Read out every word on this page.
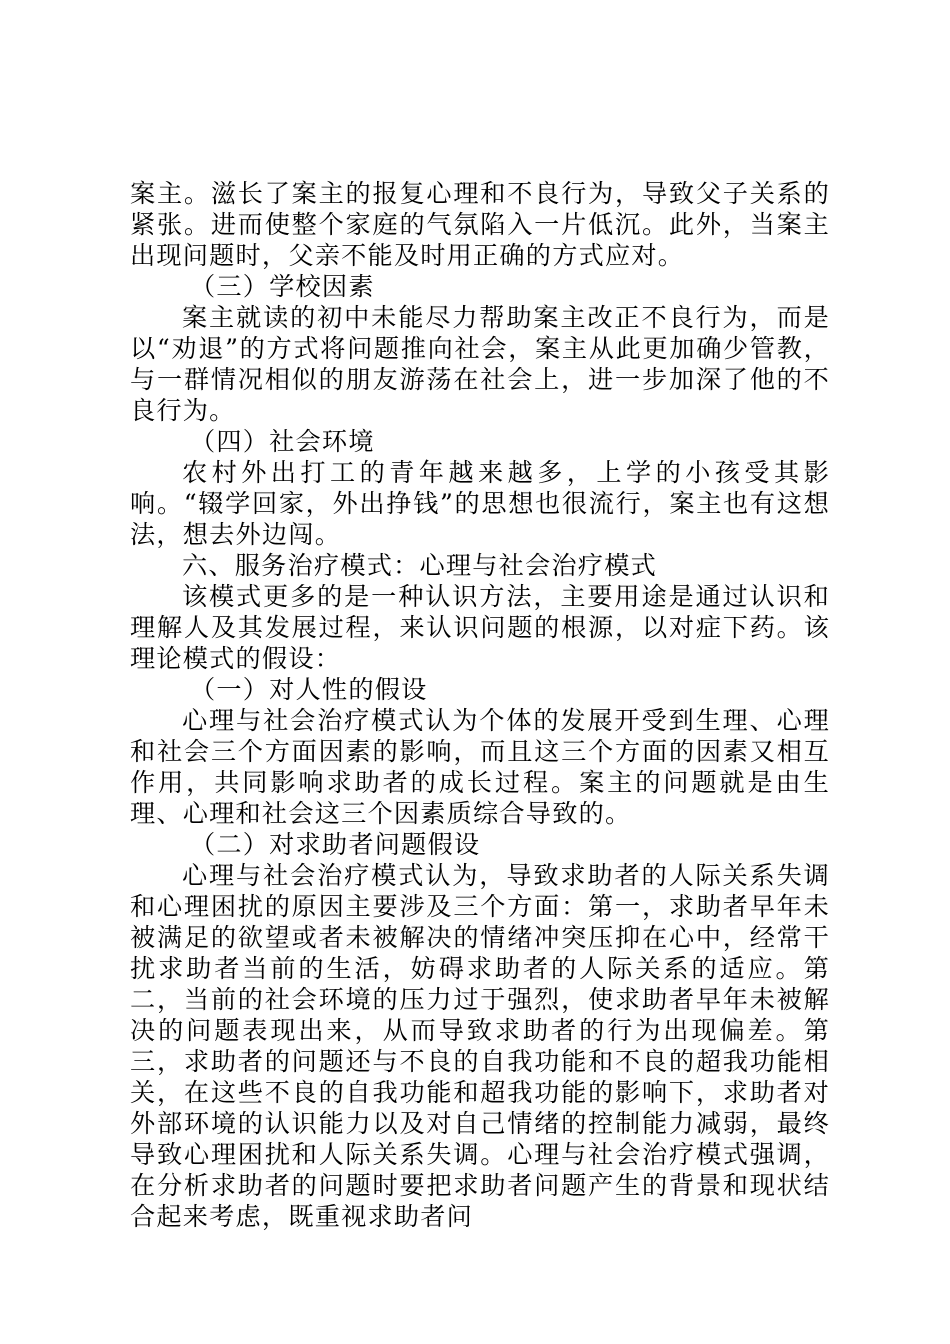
案主。滋长了案主的报复心理和不良行为，导致父子关系的紧张。进而使整个家庭的气氛陷入一片低沉。此外，当案主出现问题时，父亲不能及时用正确的方式应对。

（三）学校因素

案主就读的初中未能尽力帮助案主改正不良行为，而是以“劝退”的方式将问题推向社会，案主从此更加确少管教，与一群情况相似的朋友游荡在社会上，进一步加深了他的不良行为。

（四）社会环境

农村外出打工的青年越来越多，上学的小孩受其影响。“辍学回家，外出挣钱”的思想也很流行，案主也有这想法，想去外边闯。

六、服务治疗模式：心理与社会治疗模式

该模式更多的是一种认识方法，主要用途是通过认识和理解人及其发展过程，来认识问题的根源，以对症下药。该理论模式的假设：

（一）对人性的假设

心理与社会治疗模式认为个体的发展开受到生理、心理和社会三个方面因素的影响，而且这三个方面的因素又相互作用，共同影响求助者的成长过程。案主的问题就是由生理、心理和社会这三个因素质综合导致的。

（二）对求助者问题假设

心理与社会治疗模式认为，导致求助者的人际关系失调和心理困扰的原因主要涉及三个方面：第一，求助者早年未被满足的欲望或者未被解决的情绪冲突压抑在心中，经常干扰求助者当前的生活，妨碍求助者的人际关系的适应。第二，当前的社会环境的压力过于强烈，使求助者早年未被解决的问题表现出来，从而导致求助者的行为出现偏差。第三，求助者的问题还与不良的自我功能和不良的超我功能相关，在这些不良的自我功能和超我功能的影响下，求助者对外部环境的认识能力以及对自己情绪的控制能力减弱，最终导致心理困扰和人际关系失调。心理与社会治疗模式强调，在分析求助者的问题时要把求助者问题产生的背景和现状结合起来考虑，既重视求助者问
